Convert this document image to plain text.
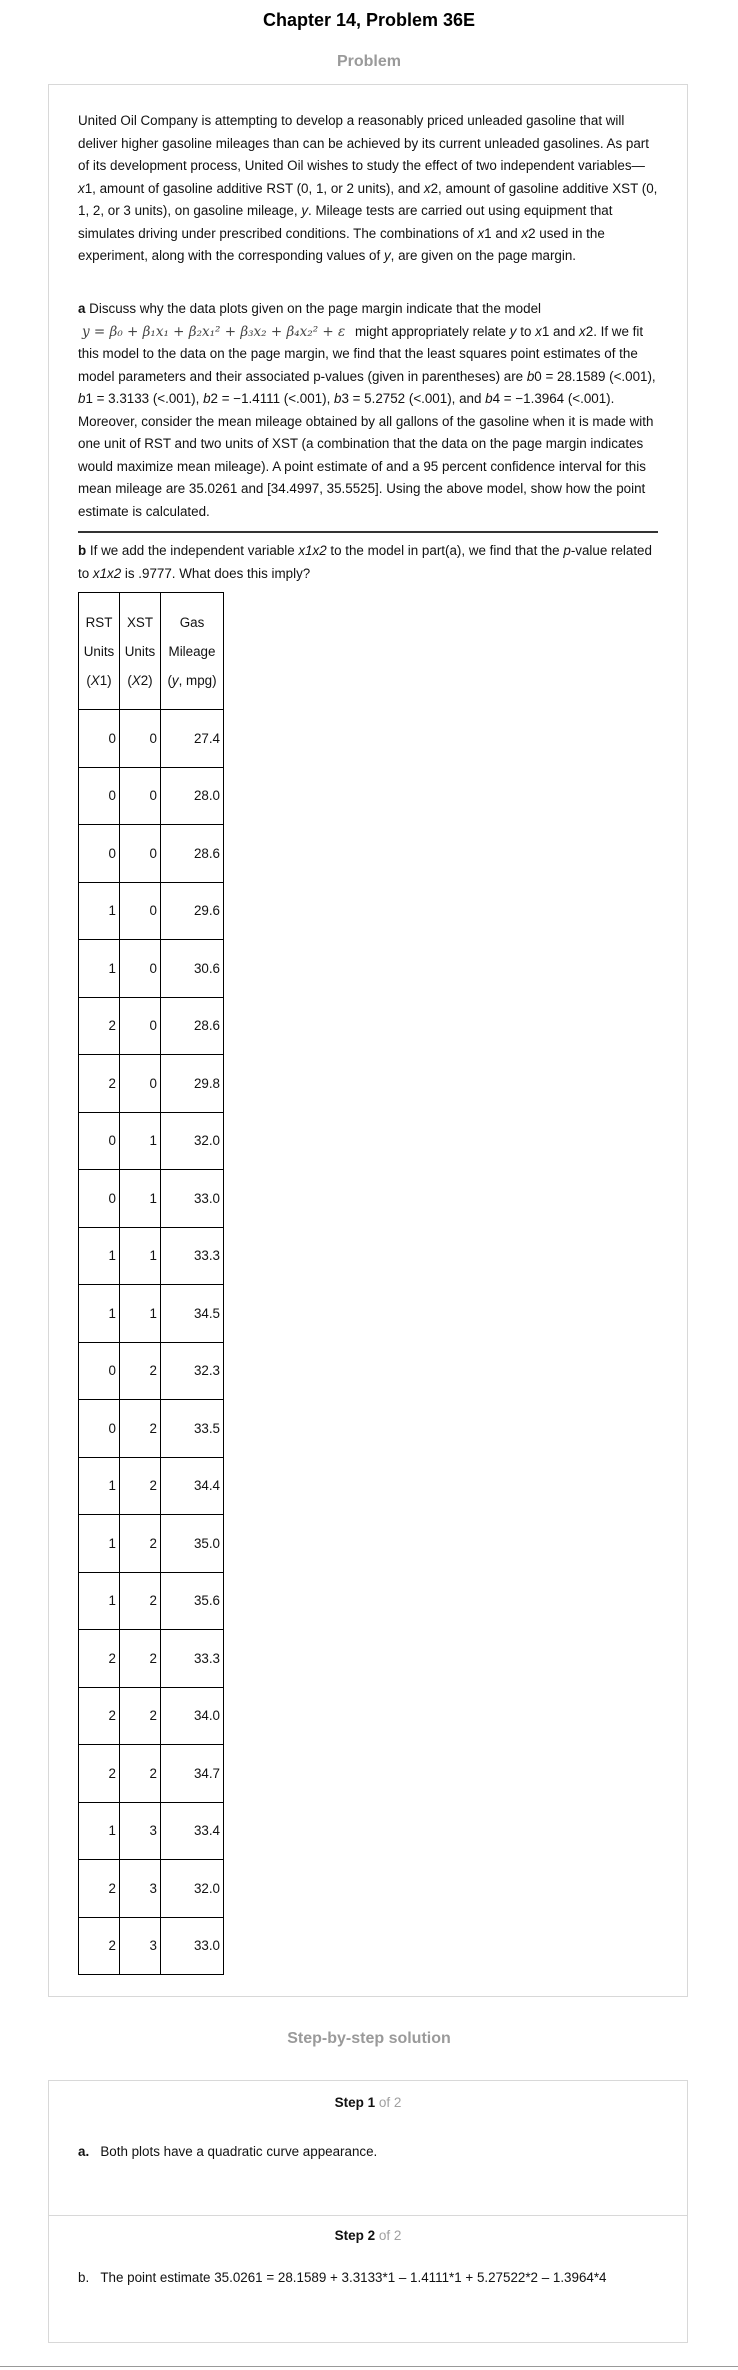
Chapter 14, Problem 36E
Problem

United Oil Company is attempting to develop a reasonably priced unleaded gasoline that will deliver higher gasoline mileages than can be achieved by its current unleaded gasolines. As part of its development process, United Oil wishes to study the effect of two independent variables—x1, amount of gasoline additive RST (0, 1, or 2 units), and x2, amount of gasoline additive XST (0, 1, 2, or 3 units), on gasoline mileage, y. Mileage tests are carried out using equipment that simulates driving under prescribed conditions. The combinations of x1 and x2 used in the experiment, along with the corresponding values of y, are given on the page margin.

a Discuss why the data plots given on the page margin indicate that the model
y = β₀ + β₁x₁ + β₂x₁² + β₃x₂ + β₄x₂² + ε might appropriately relate y to x1 and x2. If we fit this model to the data on the page margin, we find that the least squares point estimates of the model parameters and their associated p-values (given in parentheses) are b0 = 28.1589 (<.001), b1 = 3.3133 (<.001), b2 = −1.4111 (<.001), b3 = 5.2752 (<.001), and b4 = −1.3964 (<.001). Moreover, consider the mean mileage obtained by all gallons of the gasoline when it is made with one unit of RST and two units of XST (a combination that the data on the page margin indicates would maximize mean mileage). A point estimate of and a 95 percent confidence interval for this mean mileage are 35.0261 and [34.4997, 35.5525]. Using the above model, show how the point estimate is calculated.

b If we add the independent variable x1x2 to the model in part(a), we find that the p-value related to x1x2 is .9777. What does this imply?

RST
Units
(X1)	XST
Units
(X2)	Gas
Mileage
(y, mpg)
0	0	27.4
0	0	28.0
0	0	28.6
1	0	29.6
1	0	30.6
2	0	28.6
2	0	29.8
0	1	32.0
0	1	33.0
1	1	33.3
1	1	34.5
0	2	32.3
0	2	33.5
1	2	34.4
1	2	35.0
1	2	35.6
2	2	33.3
2	2	34.0
2	2	34.7
1	3	33.4
2	3	32.0
2	3	33.0
Step-by-step solution
Step 1 of 2
a. Both plots have a quadratic curve appearance.
Step 2 of 2
b. The point estimate 35.0261 = 28.1589 + 3.3133*1 – 1.4111*1 + 5.27522*2 – 1.3964*4
